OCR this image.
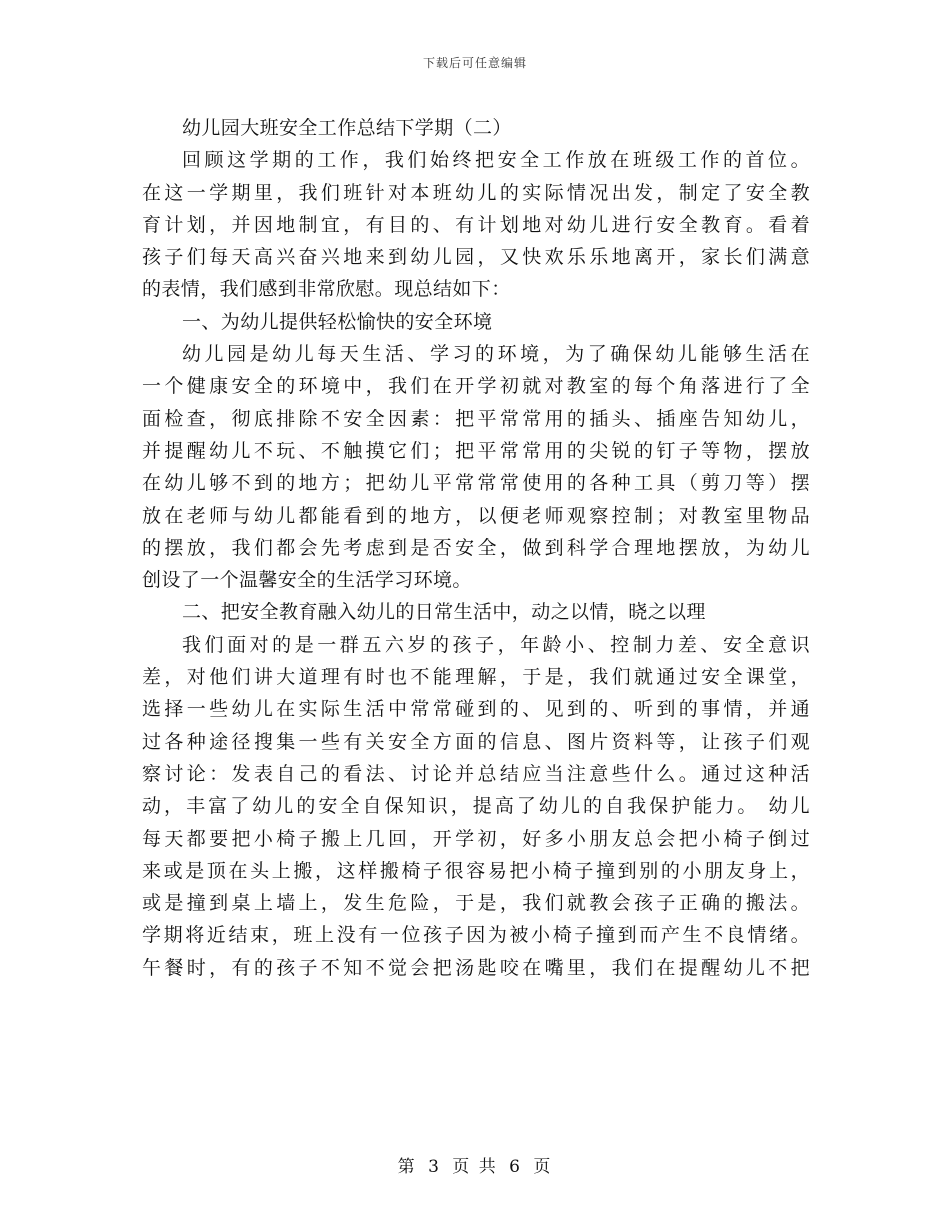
下载后可任意编辑
幼儿园大班安全工作总结下学期（二）
回顾这学期的工作，我们始终把安全工作放在班级工作的首位。
在这一学期里，我们班针对本班幼儿的实际情况出发，制定了安全教
育计划，并因地制宜，有目的、有计划地对幼儿进行安全教育。看着
孩子们每天高兴奋兴地来到幼儿园，又快欢乐乐地离开，家长们满意
的表情，我们感到非常欣慰。现总结如下：
一、为幼儿提供轻松愉快的安全环境
幼儿园是幼儿每天生活、学习的环境，为了确保幼儿能够生活在
一个健康安全的环境中，我们在开学初就对教室的每个角落进行了全
面检查，彻底排除不安全因素：把平常常用的插头、插座告知幼儿，
并提醒幼儿不玩、不触摸它们；把平常常用的尖锐的钉子等物，摆放
在幼儿够不到的地方；把幼儿平常常常使用的各种工具（剪刀等）摆
放在老师与幼儿都能看到的地方，以便老师观察控制；对教室里物品
的摆放，我们都会先考虑到是否安全，做到科学合理地摆放，为幼儿
创设了一个温馨安全的生活学习环境。
二、把安全教育融入幼儿的日常生活中，动之以情，晓之以理
我们面对的是一群五六岁的孩子，年龄小、控制力差、安全意识
差，对他们讲大道理有时也不能理解，于是，我们就通过安全课堂，
选择一些幼儿在实际生活中常常碰到的、见到的、听到的事情，并通
过各种途径搜集一些有关安全方面的信息、图片资料等，让孩子们观
察讨论：发表自己的看法、讨论并总结应当注意些什么。通过这种活
动，丰富了幼儿的安全自保知识，提高了幼儿的自我保护能力。 幼儿
每天都要把小椅子搬上几回，开学初，好多小朋友总会把小椅子倒过
来或是顶在头上搬，这样搬椅子很容易把小椅子撞到别的小朋友身上，
或是撞到桌上墙上，发生危险，于是，我们就教会孩子正确的搬法。
学期将近结束，班上没有一位孩子因为被小椅子撞到而产生不良情绪。
午餐时，有的孩子不知不觉会把汤匙咬在嘴里，我们在提醒幼儿不把
第 3 页 共 6 页
